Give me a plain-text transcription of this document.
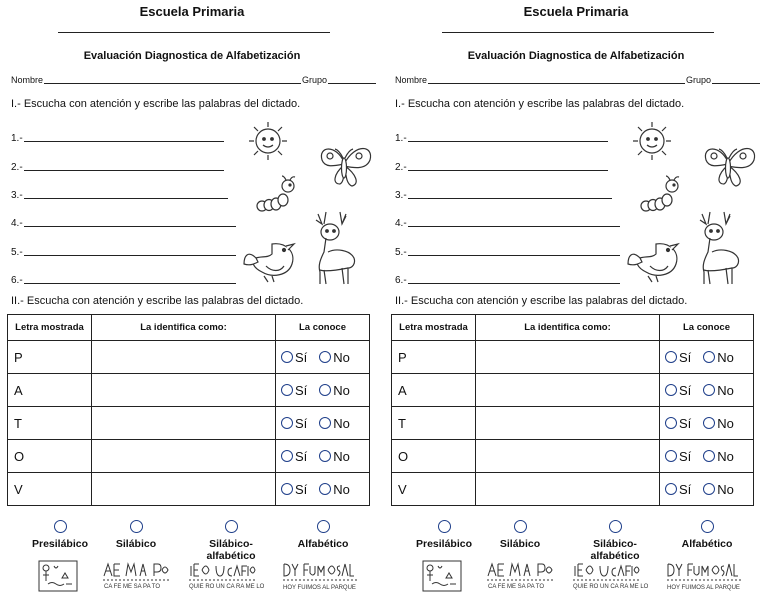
Escuela Primaria
Evaluación Diagnostica de Alfabetización
Nombre	Grupo
I.- Escucha con atención y escribe las palabras del dictado.
1.-
2.-
3.-
4.-
5.-
6.-
II.- Escucha con atención y escribe las palabras del dictado.
Letra mostrada	La identifica como:	La conoce
P		Sí No
A		Sí No
T		Sí No
O		Sí No
V		Sí No
Presilábico	Silábico	Silábico-alfabético
Alfabético
CA FE ME SA PA TO	QUIE RO UN CA RA ME LO	HOY FUIMOS AL PARQUE
Escuela Primaria
Evaluación Diagnostica de Alfabetización
Nombre	Grupo
I.- Escucha con atención y escribe las palabras del dictado.
1.-
2.-
3.-
4.-
5.-
6.-
II.- Escucha con atención y escribe las palabras del dictado.
Letra mostrada	La identifica como:	La conoce
P		Sí No
A		Sí No
T		Sí No
O		Sí No
V		Sí No
Presilábico	Silábico	Silábico-alfabético
Alfabético
CA FE ME SA PA TO	QUIE RO UN CA RA ME LO	HOY FUIMOS AL PARQUE
